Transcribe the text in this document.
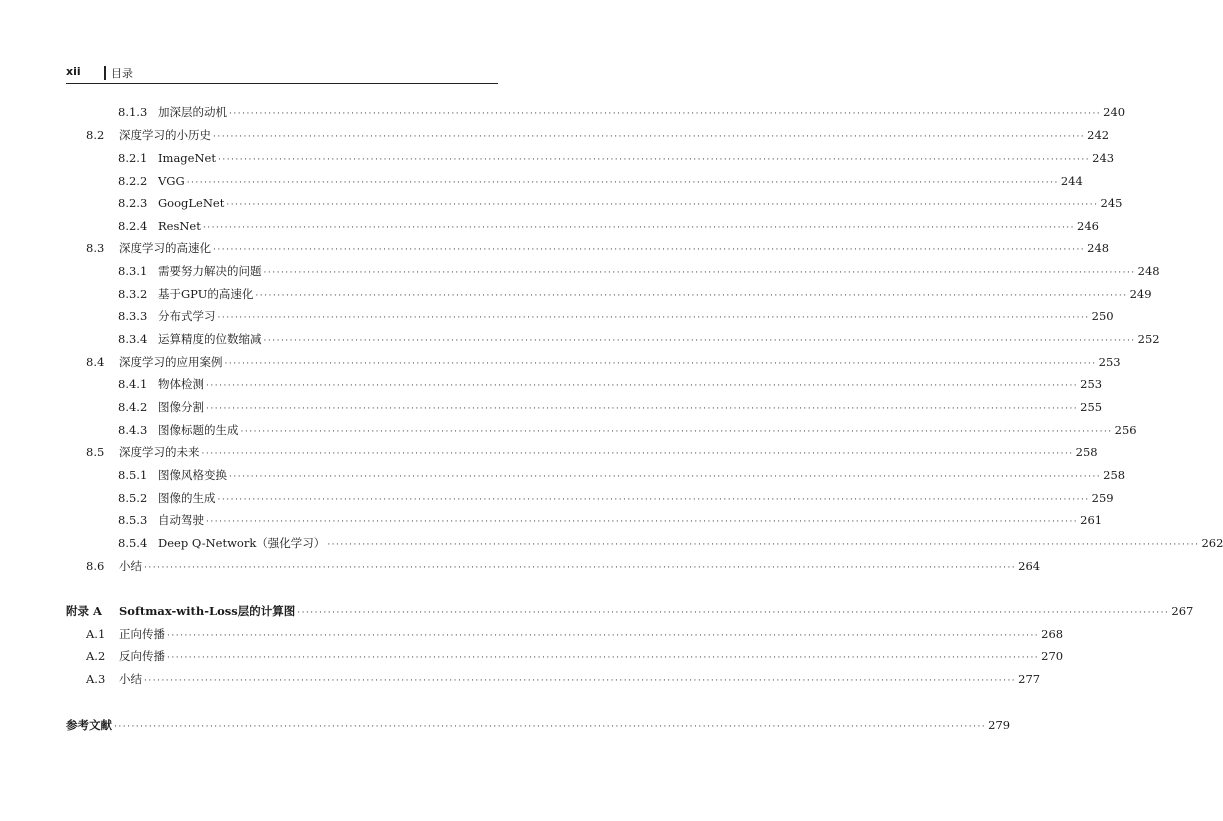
xii	目录
8.1.3 加深层的动机 ········································································································································································································ 240
8.2	深度学习的小历史 ········································································································································································································ 242
8.2.1 ImageNet ········································································································································································································ 243
8.2.2 VGG ········································································································································································································ 244
8.2.3 GoogLeNet ········································································································································································································ 245
8.2.4 ResNet ········································································································································································································ 246
8.3	深度学习的高速化 ········································································································································································································ 248
8.3.1 需要努力解决的问题 ········································································································································································································ 248
8.3.2 基于GPU的高速化 ········································································································································································································ 249
8.3.3 分布式学习 ········································································································································································································ 250
8.3.4 运算精度的位数缩减 ········································································································································································································ 252
8.4	深度学习的应用案例 ········································································································································································································ 253
8.4.1 物体检测 ········································································································································································································ 253
8.4.2 图像分割 ········································································································································································································ 255
8.4.3 图像标题的生成 ········································································································································································································ 256
8.5	深度学习的未来 ········································································································································································································ 258
8.5.1 图像风格变换 ········································································································································································································ 258
8.5.2 图像的生成 ········································································································································································································ 259
8.5.3 自动驾驶 ········································································································································································································ 261
8.5.4 Deep Q-Network（强化学习） ········································································································································································································ 262
8.6	小结 ········································································································································································································ 264
附录 A	Softmax-with-Loss层的计算图 ········································································································································································································ 267
A.1	正向传播 ········································································································································································································ 268
A.2	反向传播 ········································································································································································································ 270
A.3	小结 ········································································································································································································ 277
参考文献 ········································································································································································································ 279
